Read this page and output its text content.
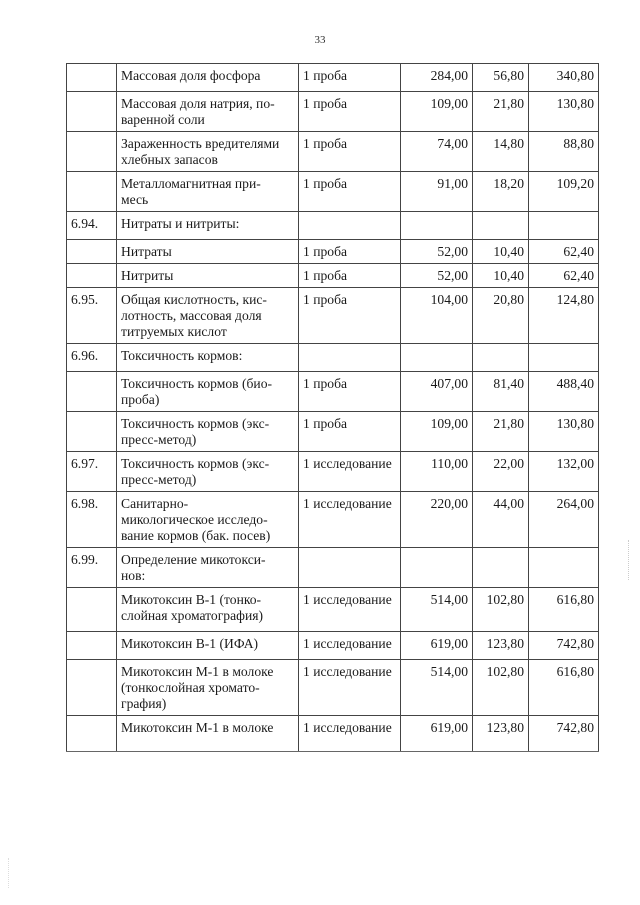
33
	Массовая доля фосфора	1 проба	284,00	56,80	340,80
	Массовая доля натрия, по-
варенной соли	1 проба	109,00	21,80	130,80
	Зараженность вредителями
хлебных запасов	1 проба	74,00	14,80	88,80
	Металломагнитная при-
месь	1 проба	91,00	18,20	109,20
6.94.	Нитраты и нитриты:				
	Нитраты	1 проба	52,00	10,40	62,40
	Нитриты	1 проба	52,00	10,40	62,40
6.95.	Общая кислотность, кис-
лотность, массовая доля
титруемых кислот	1 проба	104,00	20,80	124,80
6.96.	Токсичность кормов:				
	Токсичность кормов (био-
проба)	1 проба	407,00	81,40	488,40
	Токсичность кормов (экс-
пресс-метод)	1 проба	109,00	21,80	130,80
6.97.	Токсичность кормов (экс-
пресс-метод)	1 исследование	110,00	22,00	132,00
6.98.	Санитарно-
микологическое исследо-
вание кормов (бак. посев)	1 исследование	220,00	44,00	264,00
6.99.	Определение микотокси-
нов:				
	Микотоксин В-1 (тонко-
слойная хроматография)	1 исследование	514,00	102,80	616,80
	Микотоксин В-1 (ИФА)	1 исследование	619,00	123,80	742,80
	Микотоксин М-1 в молоке
(тонкослойная хромато-
графия)	1 исследование	514,00	102,80	616,80
	Микотоксин М-1 в молоке	1 исследование	619,00	123,80	742,80
